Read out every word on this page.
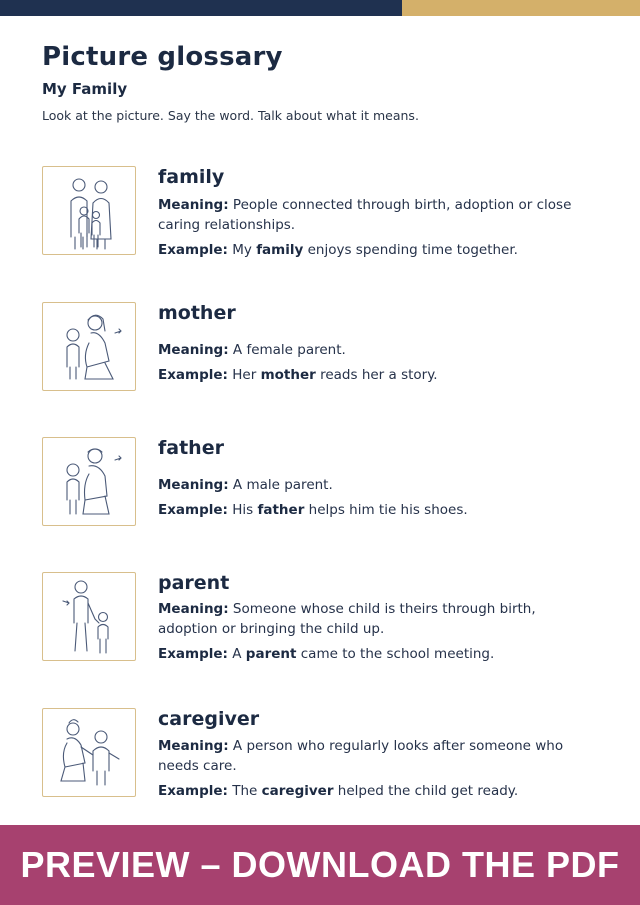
Picture glossary
My Family

Look at the picture. Say the word. Talk about what it means.

family

Meaning: People connected through birth, adoption or close caring relationships.

Example: My family enjoys spending time together.

mother

Meaning: A female parent.

Example: Her mother reads her a story.

father

Meaning: A male parent.

Example: His father helps him tie his shoes.

parent

Meaning: Someone whose child is theirs through birth, adoption or bringing the child up.

Example: A parent came to the school meeting.

caregiver

Meaning: A person who regularly looks after someone who needs care.

Example: The caregiver helped the child get ready.

PREVIEW – DOWNLOAD THE PDF
